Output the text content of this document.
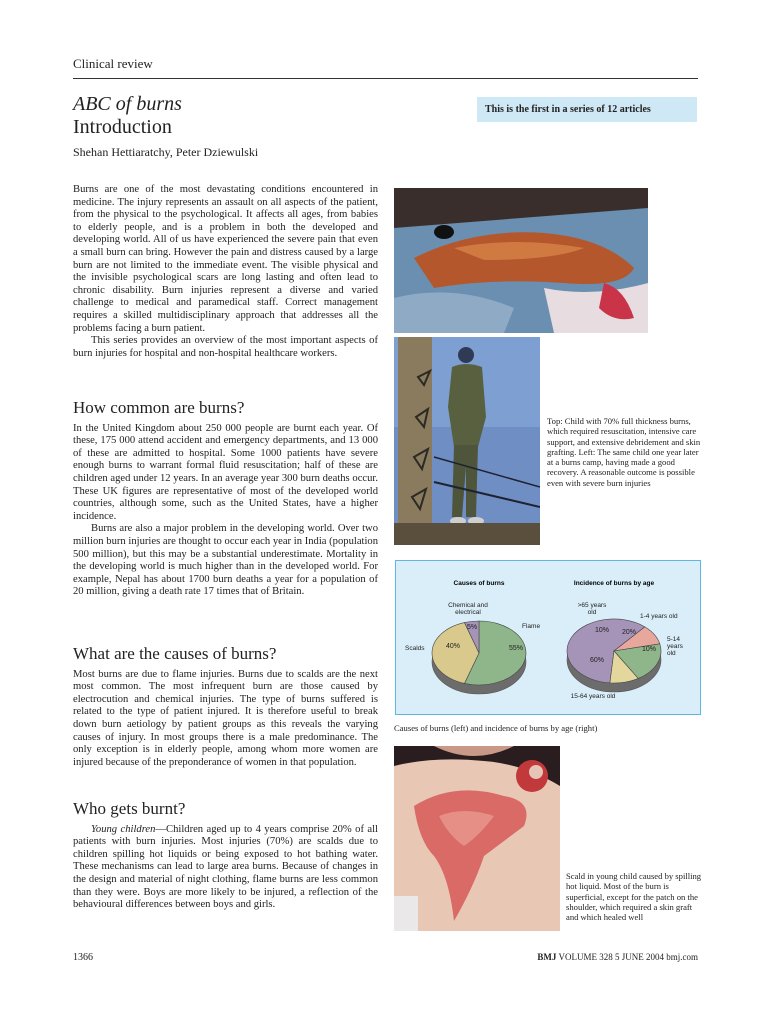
Clinical review
ABC of burns
Introduction
Shehan Hettiaratchy, Peter Dziewulski
This is the first in a series of 12 articles

Burns are one of the most devastating conditions encountered in medicine. The injury represents an assault on all aspects of the patient, from the physical to the psychological. It affects all ages, from babies to elderly people, and is a problem in both the developed and developing world. All of us have experienced the severe pain that even a small burn can bring. However the pain and distress caused by a large burn are not limited to the immediate event. The visible physical and the invisible psychological scars are long lasting and often lead to chronic disability. Burn injuries represent a diverse and varied challenge to medical and paramedical staff. Correct management requires a skilled multidisciplinary approach that addresses all the problems facing a burn patient.

This series provides an overview of the most important aspects of burn injuries for hospital and non-hospital healthcare workers.

How common are burns?

In the United Kingdom about 250 000 people are burnt each year. Of these, 175 000 attend accident and emergency departments, and 13 000 of these are admitted to hospital. Some 1000 patients have severe enough burns to warrant formal fluid resuscitation; half of these are children aged under 12 years. In an average year 300 burn deaths occur. These UK figures are representative of most of the developed world countries, although some, such as the United States, have a higher incidence.

Burns are also a major problem in the developing world. Over two million burn injuries are thought to occur each year in India (population 500 million), but this may be a substantial underestimate. Mortality in the developing world is much higher than in the developed world. For example, Nepal has about 1700 burn deaths a year for a population of 20 million, giving a death rate 17 times that of Britain.

What are the causes of burns?

Most burns are due to flame injuries. Burns due to scalds are the next most common. The most infrequent burn are those caused by electrocution and chemical injuries. The type of burns suffered is related to the type of patient injured. It is therefore useful to break down burn aetiology by patient groups as this reveals the varying causes of injury. In most groups there is a male predominance. The only exception is in elderly people, among whom more women are injured because of the preponderance of women in that population.

Who gets burnt?

Young children—Children aged up to 4 years comprise 20% of all patients with burn injuries. Most injuries (70%) are scalds due to children spilling hot liquids or being exposed to hot bathing water. These mechanisms can lead to large area burns. Because of changes in the design and material of night clothing, flame burns are less common than they were. Boys are more likely to be injured, a reflection of the behavioural differences between boys and girls.

Top: Child with 70% full thickness burns, which required resuscitation, intensive care support, and extensive debridement and skin grafting. Left: The same child one year later at a burns camp, having made a good recovery. A reasonable outcome is possible even with severe burn injuries
Causes of burns	Incidence of burns by age
55%
Flame
40%
Scalds
5%
Chemical and electrical
60%
15-64 years old
10%
>65 years old
20%
1-4 years old
10%
5-14 years old
Causes of burns (left) and incidence of burns by age (right)
Scald in young child caused by spilling hot liquid. Most of the burn is superficial, except for the patch on the shoulder, which required a skin graft and which healed well
1366	BMJ VOLUME 328 5 JUNE 2004 bmj.com
